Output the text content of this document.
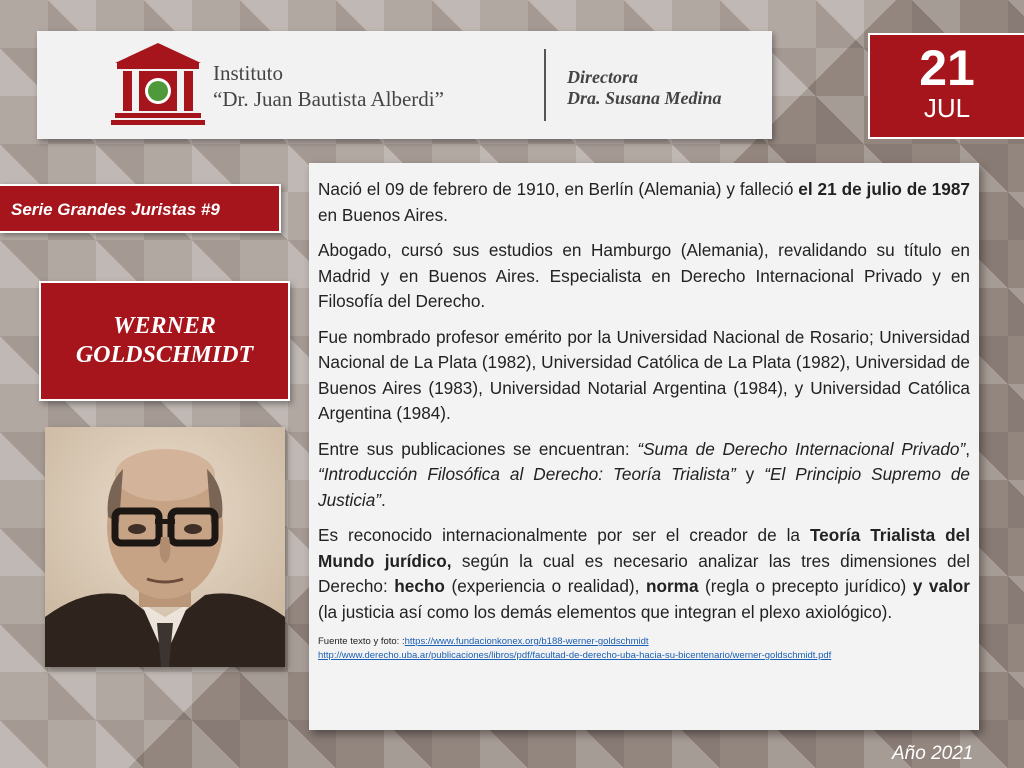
Instituto
“Dr. Juan Bautista Alberdi”
Directora
Dra. Susana Medina
21
JUL
Serie Grandes Juristas #9
WERNER
GOLDSCHMIDT

Nació el 09 de febrero de 1910, en Berlín (Alemania) y falleció el 21 de julio de 1987 en Buenos Aires.

Abogado, cursó sus estudios en Hamburgo (Alemania), revalidando su título en Madrid y en Buenos Aires. Especialista en Derecho Internacional Privado y en Filosofía del Derecho.

Fue nombrado profesor emérito por la Universidad Nacional de Rosario; Universidad Nacional de La Plata (1982), Universidad Católica de La Plata (1982), Universidad de Buenos Aires (1983), Universidad Notarial Argentina (1984), y Universidad Católica Argentina (1984).

Entre sus publicaciones se encuentran: “Suma de Derecho Internacional Privado”, “Introducción Filosófica al Derecho: Teoría Trialista” y “El Principio Supremo de Justicia”.

Es reconocido internacionalmente por ser el creador de la Teoría Trialista del Mundo jurídico, según la cual es necesario analizar las tres dimensiones del Derecho: hecho (experiencia o realidad), norma (regla o precepto jurídico) y valor (la justicia así como los demás elementos que integran el plexo axiológico).

Fuente texto y foto: :https://www.fundacionkonex.org/b188-werner-goldschmidt
http://www.derecho.uba.ar/publicaciones/libros/pdf/facultad-de-derecho-uba-hacia-su-bicentenario/werner-goldschmidt.pdf
Año 2021
